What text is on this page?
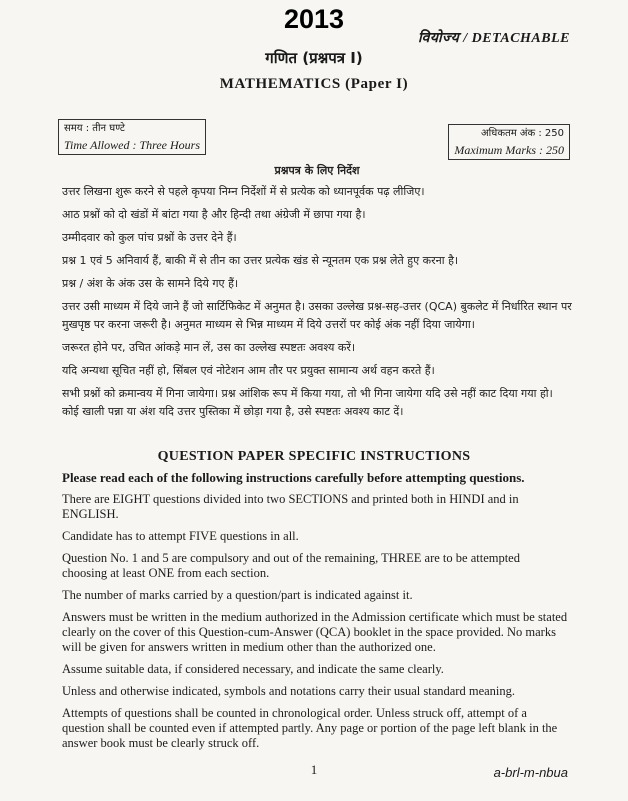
2013
वियोज्य / DETACHABLE
गणित (प्रश्नपत्र I)
MATHEMATICS (Paper I)
समय : तीन घण्टे
Time Allowed : Three Hours
अधिकतम अंक : 250
Maximum Marks : 250
प्रश्नपत्र के लिए निर्देश

उत्तर लिखना शुरू करने से पहले कृपया निम्न निर्देशों में से प्रत्येक को ध्यानपूर्वक पढ़ लीजिए।

आठ प्रश्नों को दो खंडों में बांटा गया है और हिन्दी तथा अंग्रेजी में छापा गया है।

उम्मीदवार को कुल पांच प्रश्नों के उत्तर देने हैं।

प्रश्न 1 एवं 5 अनिवार्य हैं, बाकी में से तीन का उत्तर प्रत्येक खंड से न्यूनतम एक प्रश्न लेते हुए करना है।

प्रश्न / अंश के अंक उस के सामने दिये गए हैं।

उत्तर उसी माध्यम में दिये जाने हैं जो सार्टिफिकेट में अनुमत है। उसका उल्लेख प्रश्न-सह-उत्तर (QCA) बुकलेट में निर्धारित स्थान पर मुखपृष्ठ पर करना जरूरी है। अनुमत माध्यम से भिन्न माध्यम में दिये उत्तरों पर कोई अंक नहीं दिया जायेगा।

जरूरत होने पर, उचित आंकड़े मान लें, उस का उल्लेख स्पष्टतः अवश्य करें।

यदि अन्यथा सूचित नहीं हो, सिंबल एवं नोटेशन आम तौर पर प्रयुक्त सामान्य अर्थ वहन करते हैं।

सभी प्रश्नों को क्रमान्वय में गिना जायेगा। प्रश्न आंशिक रूप में किया गया, तो भी गिना जायेगा यदि उसे नहीं काट दिया गया हो। कोई खाली पन्ना या अंश यदि उत्तर पुस्तिका में छोड़ा गया है, उसे स्पष्टतः अवश्य काट दें।

QUESTION PAPER SPECIFIC INSTRUCTIONS

Please read each of the following instructions carefully before attempting questions.

There are EIGHT questions divided into two SECTIONS and printed both in HINDI and in ENGLISH.

Candidate has to attempt FIVE questions in all.

Question No. 1 and 5 are compulsory and out of the remaining, THREE are to be attempted choosing at least ONE from each section.

The number of marks carried by a question/part is indicated against it.

Answers must be written in the medium authorized in the Admission certificate which must be stated clearly on the cover of this Question-cum-Answer (QCA) booklet in the space provided. No marks will be given for answers written in medium other than the authorized one.

Assume suitable data, if considered necessary, and indicate the same clearly.

Unless and otherwise indicated, symbols and notations carry their usual standard meaning.

Attempts of questions shall be counted in chronological order. Unless struck off, attempt of a question shall be counted even if attempted partly. Any page or portion of the page left blank in the answer book must be clearly struck off.

1	a-brl-m-nbua
